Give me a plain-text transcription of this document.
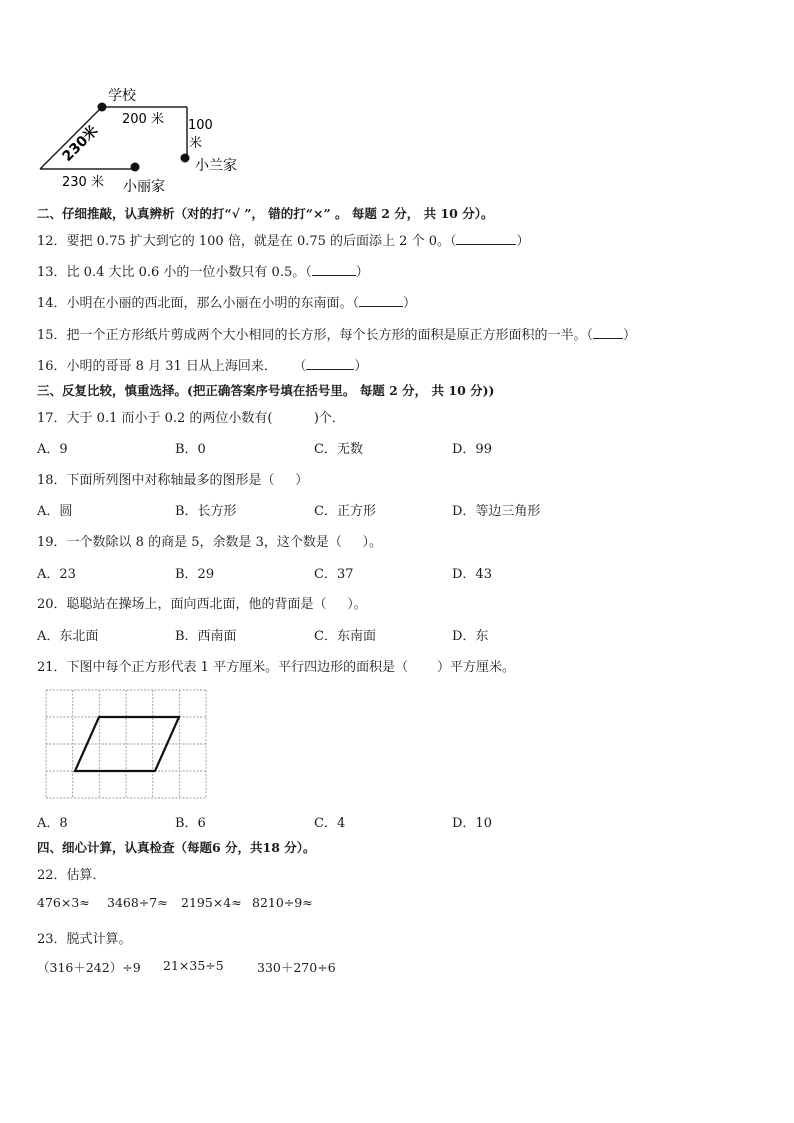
学校
200 米 100
米
小兰家
230米
230 米 小丽家
二、仔细推敲，认真辨析（对的打“√ ”， 错的打“×” 。 每题 2 分， 共 10 分）。
12．要把 0.75 扩大到它的 100 倍，就是在 0.75 的后面添上 2 个 0。（	）
13．比 0.4 大比 0.6 小的一位小数只有 0.5。（	）
14．小明在小丽的西北面，那么小丽在小明的东南面。（	）
15．把一个正方形纸片剪成两个大小相同的长方形，每个长方形的面积是原正方形面积的一半。（ ）
16．小明的哥哥 8 月 31 日从上海回来．    （	）
三、反复比较，慎重选择。(把正确答案序号填在括号里。 每题 2 分， 共 10 分))
17．大于 0.1 而小于 0.2 的两位小数有(          )个．
A．9	B．0	C．无数	D．99
18．下面所列图中对称轴最多的图形是（     ）
A．圆	B．长方形	C．正方形	D．等边三角形
19．一个数除以 8 的商是 5，余数是 3，这个数是（     ）。
A．23	B．29	C．37	D．43
20．聪聪站在操场上，面向西北面，他的背面是（     ）。
A．东北面	B．西南面	C．东南面	D．东
21．下图中每个正方形代表 1 平方厘米。平行四边形的面积是（       ）平方厘米。
A．8	B．6	C．4	D．10
四、细心计算，认真检查（每题6 分，共18 分）。
22．估算．
476×3≈ 3468÷7≈ 2195×4≈ 8210÷9≈
23．脱式计算。
（316＋242）÷9 21×35÷5	330＋270÷6
